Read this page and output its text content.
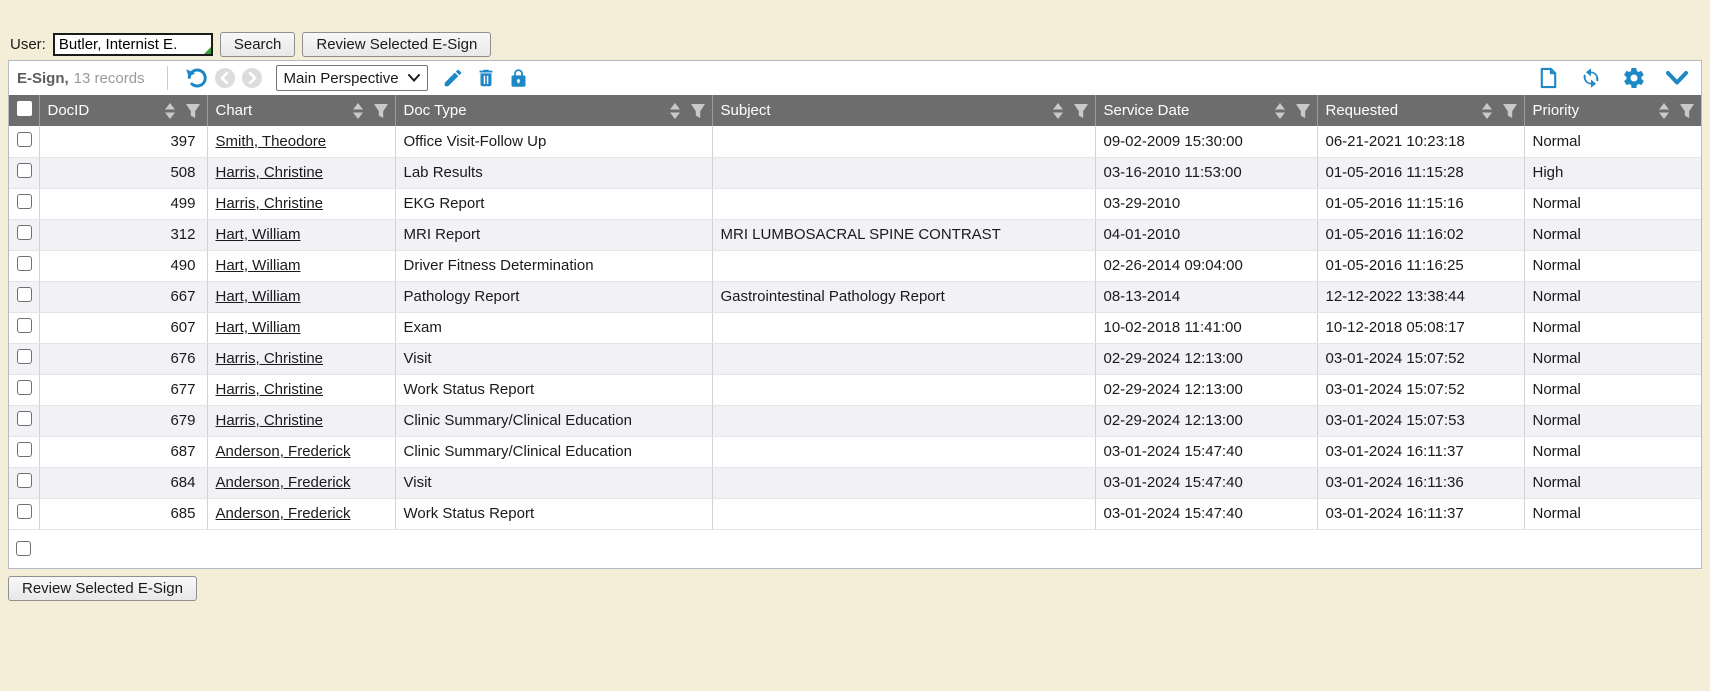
User:
Butler, Internist E.	Search	Review Selected E-Sign
E-Sign, 13 records	Main Perspective

	DocID	Chart	Doc Type	Subject	Service Date	Requested	Priority

	397	Smith, Theodore	Office Visit-Follow Up		09-02-2009 15:30:00	06-21-2021 10:23:18	Normal
	508	Harris, Christine	Lab Results		03-16-2010 11:53:00	01-05-2016 11:15:28	High
	499	Harris, Christine	EKG Report		03-29-2010	01-05-2016 11:15:16	Normal
	312	Hart, William	MRI Report	MRI LUMBOSACRAL SPINE CONTRAST	04-01-2010	01-05-2016 11:16:02	Normal
	490	Hart, William	Driver Fitness Determination		02-26-2014 09:04:00	01-05-2016 11:16:25	Normal
	667	Hart, William	Pathology Report	Gastrointestinal Pathology Report	08-13-2014	12-12-2022 13:38:44	Normal
	607	Hart, William	Exam		10-02-2018 11:41:00	10-12-2018 05:08:17	Normal
	676	Harris, Christine	Visit		02-29-2024 12:13:00	03-01-2024 15:07:52	Normal
	677	Harris, Christine	Work Status Report		02-29-2024 12:13:00	03-01-2024 15:07:52	Normal
	679	Harris, Christine	Clinic Summary/Clinical Education		02-29-2024 12:13:00	03-01-2024 15:07:53	Normal
	687	Anderson, Frederick	Clinic Summary/Clinical Education		03-01-2024 15:47:40	03-01-2024 16:11:37	Normal
	684	Anderson, Frederick	Visit		03-01-2024 15:47:40	03-01-2024 16:11:36	Normal
	685	Anderson, Frederick	Work Status Report		03-01-2024 15:47:40	03-01-2024 16:11:37	Normal
Review Selected E-Sign
